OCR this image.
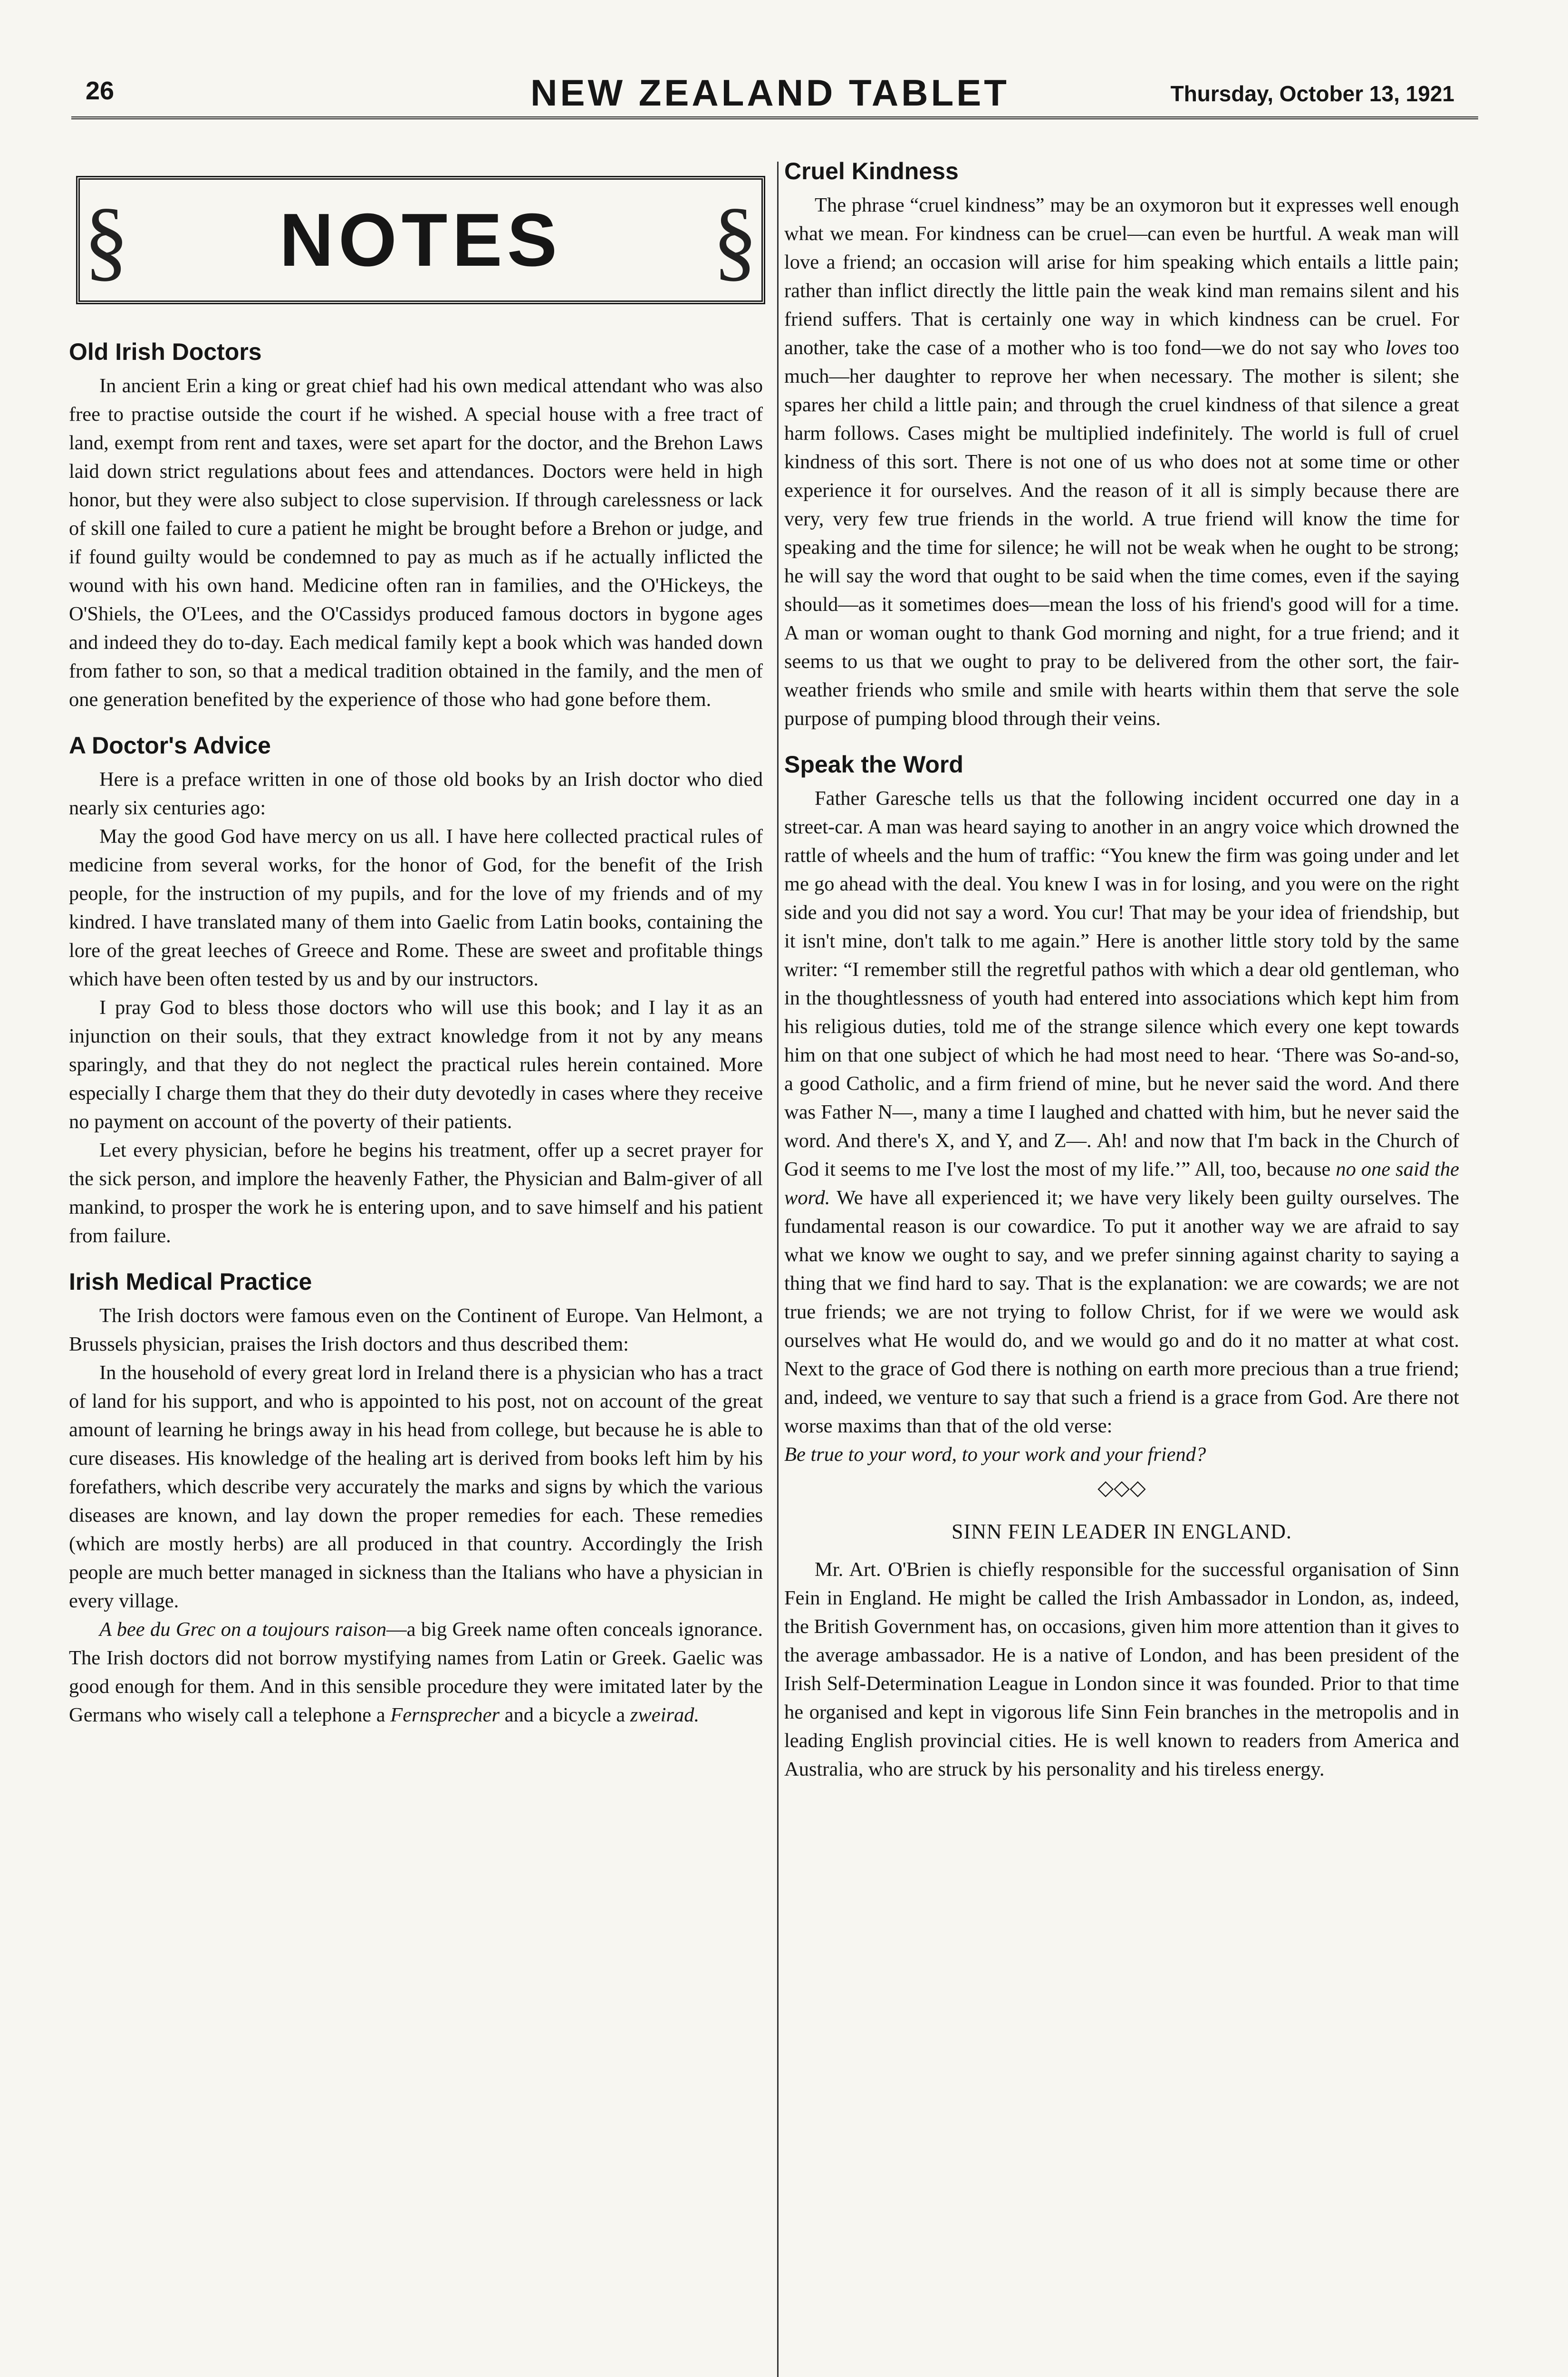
26	NEW ZEALAND TABLET	Thursday, October 13, 1921
§ NOTES
§
Old Irish Doctors

In ancient Erin a king or great chief had his own medical attendant who was also free to practise outside the court if he wished. A special house with a free tract of land, exempt from rent and taxes, were set apart for the doctor, and the Brehon Laws laid down strict regulations about fees and attendances. Doctors were held in high honor, but they were also subject to close supervision. If through carelessness or lack of skill one failed to cure a patient he might be brought before a Brehon or judge, and if found guilty would be condemned to pay as much as if he actually inflicted the wound with his own hand. Medicine often ran in families, and the O'Hickeys, the O'Shiels, the O'Lees, and the O'Cassidys produced famous doctors in bygone ages and indeed they do to-day. Each medical family kept a book which was handed down from father to son, so that a medical tradition obtained in the family, and the men of one generation benefited by the experience of those who had gone before them.

A Doctor's Advice

Here is a preface written in one of those old books by an Irish doctor who died nearly six centuries ago:

May the good God have mercy on us all. I have here collected practical rules of medicine from several works, for the honor of God, for the benefit of the Irish people, for the instruction of my pupils, and for the love of my friends and of my kindred. I have translated many of them into Gaelic from Latin books, containing the lore of the great leeches of Greece and Rome. These are sweet and profitable things which have been often tested by us and by our instructors.

I pray God to bless those doctors who will use this book; and I lay it as an injunction on their souls, that they extract knowledge from it not by any means sparingly, and that they do not neglect the practical rules herein contained. More especially I charge them that they do their duty devotedly in cases where they receive no payment on account of the poverty of their patients.

Let every physician, before he begins his treatment, offer up a secret prayer for the sick person, and implore the heavenly Father, the Physician and Balm-giver of all mankind, to prosper the work he is entering upon, and to save himself and his patient from failure.

Irish Medical Practice

The Irish doctors were famous even on the Continent of Europe. Van Helmont, a Brussels physician, praises the Irish doctors and thus described them:

In the household of every great lord in Ireland there is a physician who has a tract of land for his support, and who is appointed to his post, not on account of the great amount of learning he brings away in his head from college, but because he is able to cure diseases. His knowledge of the healing art is derived from books left him by his forefathers, which describe very accurately the marks and signs by which the various diseases are known, and lay down the proper remedies for each. These remedies (which are mostly herbs) are all produced in that country. Accordingly the Irish people are much better managed in sickness than the Italians who have a physician in every village.

A bee du Grec on a toujours raison—a big Greek name often conceals ignorance. The Irish doctors did not borrow mystifying names from Latin or Greek. Gaelic was good enough for them. And in this sensible procedure they were imitated later by the Germans who wisely call a telephone a Fernsprecher and a bicycle a zweirad.

Cruel Kindness

The phrase “cruel kindness” may be an oxymoron but it expresses well enough what we mean. For kindness can be cruel—can even be hurtful. A weak man will love a friend; an occasion will arise for him speaking which entails a little pain; rather than inflict directly the little pain the weak kind man remains silent and his friend suffers. That is certainly one way in which kindness can be cruel. For another, take the case of a mother who is too fond—we do not say who loves too much—her daughter to reprove her when necessary. The mother is silent; she spares her child a little pain; and through the cruel kindness of that silence a great harm follows. Cases might be multiplied indefinitely. The world is full of cruel kindness of this sort. There is not one of us who does not at some time or other experience it for ourselves. And the reason of it all is simply because there are very, very few true friends in the world. A true friend will know the time for speaking and the time for silence; he will not be weak when he ought to be strong; he will say the word that ought to be said when the time comes, even if the saying should—as it sometimes does—mean the loss of his friend's good will for a time. A man or woman ought to thank God morning and night, for a true friend; and it seems to us that we ought to pray to be delivered from the other sort, the fair-weather friends who smile and smile with hearts within them that serve the sole purpose of pumping blood through their veins.

Speak the Word

Father Garesche tells us that the following incident occurred one day in a street-car. A man was heard saying to another in an angry voice which drowned the rattle of wheels and the hum of traffic: “You knew the firm was going under and let me go ahead with the deal. You knew I was in for losing, and you were on the right side and you did not say a word. You cur! That may be your idea of friendship, but it isn't mine, don't talk to me again.” Here is another little story told by the same writer: “I remember still the regretful pathos with which a dear old gentleman, who in the thoughtlessness of youth had entered into associations which kept him from his religious duties, told me of the strange silence which every one kept towards him on that one subject of which he had most need to hear. ‘There was So-and-so, a good Catholic, and a firm friend of mine, but he never said the word. And there was Father N—, many a time I laughed and chatted with him, but he never said the word. And there's X, and Y, and Z—. Ah! and now that I'm back in the Church of God it seems to me I've lost the most of my life.’” All, too, because no one said the word. We have all experienced it; we have very likely been guilty ourselves. The fundamental reason is our cowardice. To put it another way we are afraid to say what we know we ought to say, and we prefer sinning against charity to saying a thing that we find hard to say. That is the explanation: we are cowards; we are not true friends; we are not trying to follow Christ, for if we were we would ask ourselves what He would do, and we would go and do it no matter at what cost. Next to the grace of God there is nothing on earth more precious than a true friend; and, indeed, we venture to say that such a friend is a grace from God. Are there not worse maxims than that of the old verse:

Be true to your word, to your work and your friend?

◇◇◇
SINN FEIN LEADER IN ENGLAND.

Mr. Art. O'Brien is chiefly responsible for the successful organisation of Sinn Fein in England. He might be called the Irish Ambassador in London, as, indeed, the British Government has, on occasions, given him more attention than it gives to the average ambassador. He is a native of London, and has been president of the Irish Self-Determination League in London since it was founded. Prior to that time he organised and kept in vigorous life Sinn Fein branches in the metropolis and in leading English provincial cities. He is well known to readers from America and Australia, who are struck by his personality and his tireless energy.
